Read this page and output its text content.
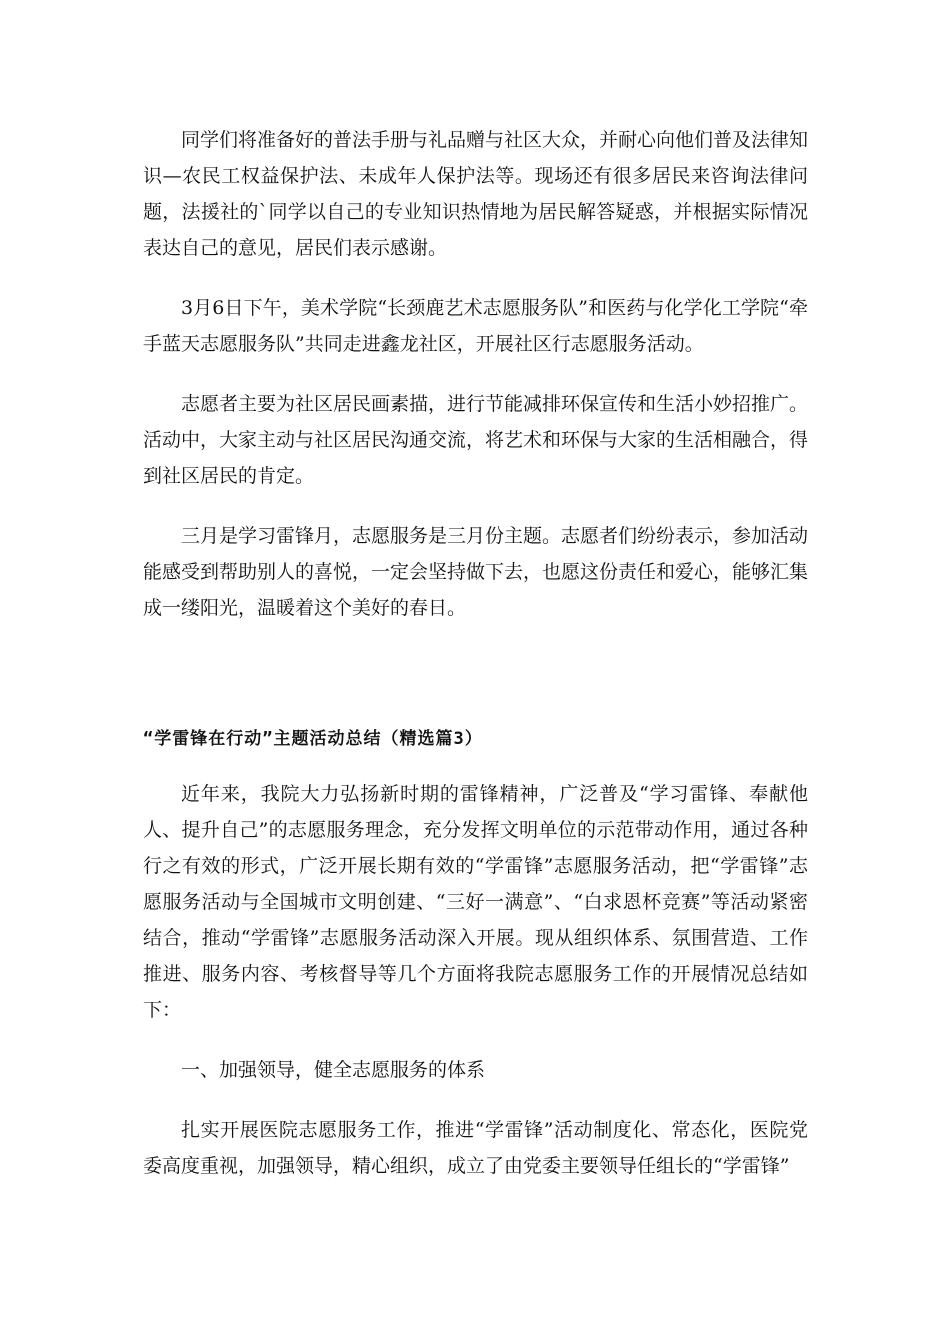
同学们将准备好的普法手册与礼品赠与社区大众，并耐心向他们普及法律知识—农民工权益保护法、未成年人保护法等。现场还有很多居民来咨询法律问题，法援社的`同学以自己的专业知识热情地为居民解答疑惑，并根据实际情况表达自己的意见，居民们表示感谢。

3月6日下午，美术学院“长颈鹿艺术志愿服务队”和医药与化学化工学院“牵手蓝天志愿服务队”共同走进鑫龙社区，开展社区行志愿服务活动。

志愿者主要为社区居民画素描，进行节能减排环保宣传和生活小妙招推广。活动中，大家主动与社区居民沟通交流，将艺术和环保与大家的生活相融合，得到社区居民的肯定。

三月是学习雷锋月，志愿服务是三月份主题。志愿者们纷纷表示，参加活动能感受到帮助别人的喜悦，一定会坚持做下去，也愿这份责任和爱心，能够汇集成一缕阳光，温暖着这个美好的春日。

“学雷锋在行动”主题活动总结（精选篇3）

近年来，我院大力弘扬新时期的雷锋精神，广泛普及“学习雷锋、奉献他人、提升自己”的志愿服务理念，充分发挥文明单位的示范带动作用，通过各种行之有效的形式，广泛开展长期有效的“学雷锋”志愿服务活动，把“学雷锋”志愿服务活动与全国城市文明创建、“三好一满意”、“白求恩杯竞赛”等活动紧密结合，推动“学雷锋”志愿服务活动深入开展。现从组织体系、氛围营造、工作推进、服务内容、考核督导等几个方面将我院志愿服务工作的开展情况总结如下：

一、加强领导，健全志愿服务的体系

扎实开展医院志愿服务工作，推进“学雷锋”活动制度化、常态化，医院党委高度重视，加强领导，精心组织，成立了由党委主要领导任组长的“学雷锋”
